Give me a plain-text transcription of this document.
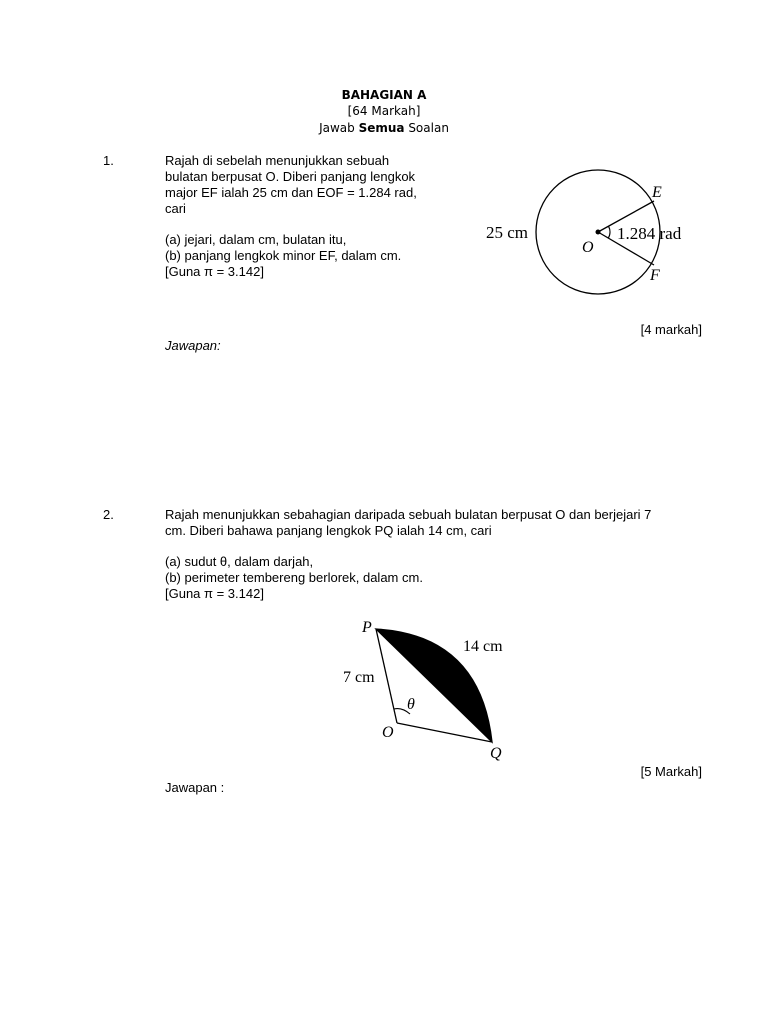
BAHAGIAN A
[64 Markah]
Jawab Semua Soalan
1.	Rajah di sebelah menunjukkan sebuah
bulatan berpusat O. Diberi panjang lengkok
major EF ialah 25 cm dan EOF = 1.284 rad,
cari
(a) jejari, dalam cm, bulatan itu,
(b) panjang lengkok minor EF, dalam cm.
[Guna π = 3.142]
25 cm	1.284 rad
O
E
F
[4 markah]
Jawapan:
2.	Rajah menunjukkan sebahagian daripada sebuah bulatan berpusat O dan berjejari 7
cm. Diberi bahawa panjang lengkok PQ ialah 14 cm, cari
(a) sudut θ, dalam darjah,
(b) perimeter tembereng berlorek, dalam cm.
[Guna π = 3.142]
P
14 cm
7 cm
θ
O
Q
[5 Markah]
Jawapan :
